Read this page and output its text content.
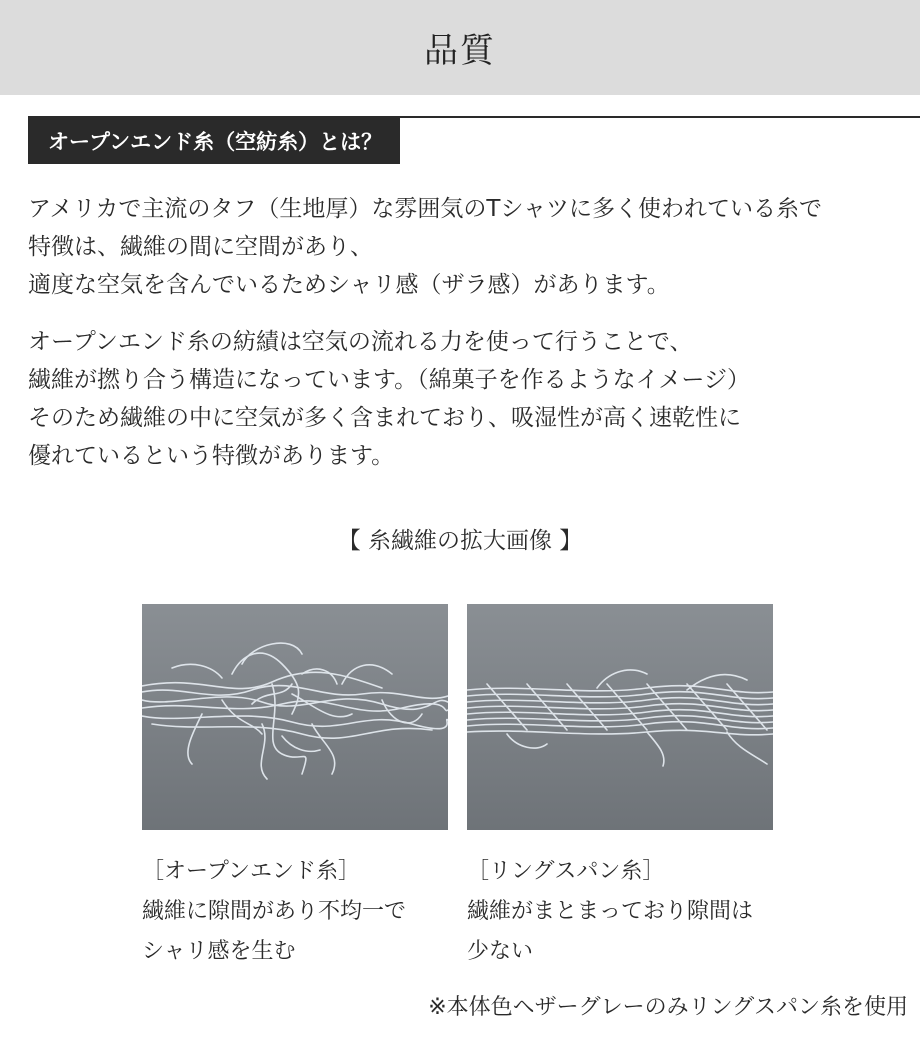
品質
オープンエンド糸（空紡糸）とは？
アメリカで主流のタフ（生地厚）な雰囲気のTシャツに多く使われている糸で
特徴は、繊維の間に空間があり、
適度な空気を含んでいるためシャリ感（ザラ感）があります。
オープンエンド糸の紡績は空気の流れる力を使って行うことで、
繊維が撚り合う構造になっています。（綿菓子を作るようなイメージ）
そのため繊維の中に空気が多く含まれており、吸湿性が高く速乾性に
優れているという特徴があります。
【 糸繊維の拡大画像 】
［オープンエンド糸］
繊維に隙間があり不均一で
シャリ感を生む
［リングスパン糸］
繊維がまとまっており隙間は
少ない
※本体色ヘザーグレーのみリングスパン糸を使用
